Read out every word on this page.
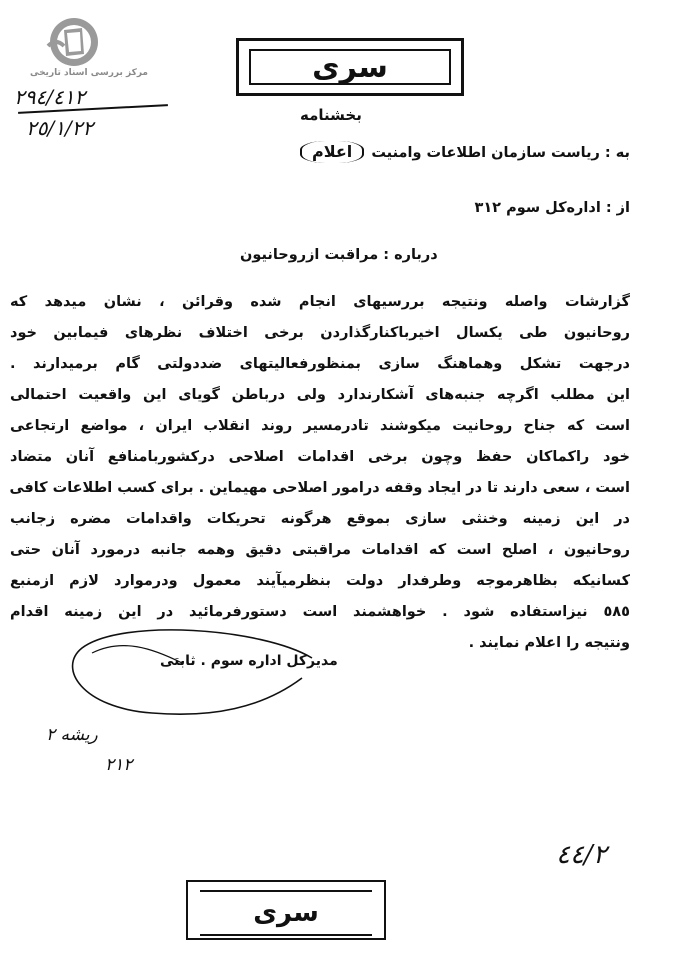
مرکز بررسی اسناد تاریخی	سری
٢٩٤/٤١٢
٢٥/١/٢٢
بخشنامه
به : ریاست سازمان اطلاعات وامنیت
اعلام
از : اداره‌کل سوم ٣١٢
درباره : مراقبت ازروحانیون
گزارشات واصله ونتیجه بررسیهای انجام شده وقرائن ، نشان میدهد که
روحانیون طی یکسال اخیرباکنارگذاردن برخی اختلاف نظرهای فیمابین خود
درجهت تشکل وهماهنگ سازی بمنظورفعالیتهای ضددولتی گام برمیدارند .
این مطلب اگرچه جنبه‌های آشکارندارد ولی درباطن گویای این واقعیت احتمالی
است که جناح روحانیت میکوشند تادرمسیر روند انقلاب ایران ، مواضع ارتجاعی
خود راکماکان حفظ وچون برخی اقدامات اصلاحی درکشوربامنافع آنان متضاد
است ، سعی دارند تا در ایجاد وقفه درامور اصلاحی مهیماین . برای کسب اطلاعات کافی
در این زمینه وخنثی سازی بموقع هرگونه تحریکات واقدامات مضره زجانب
روحانیون ، اصلح است که اقدامات مراقبتی دقیق وهمه جانبه درمورد آنان حتی
کسانیکه بظاهرموجه وطرفدار دولت بنظرمیآیند معمول ودرموارد لازم ازمنبع
٥٨٥ نیزاستفاده شود . خواهشمند است دستورفرمائید در این زمینه اقدام
ونتیجه را اعلام نمایند .
مدیرکل اداره سوم . ثابتی
ریشه ٢
٢١٢
٤٤/٢
سری
